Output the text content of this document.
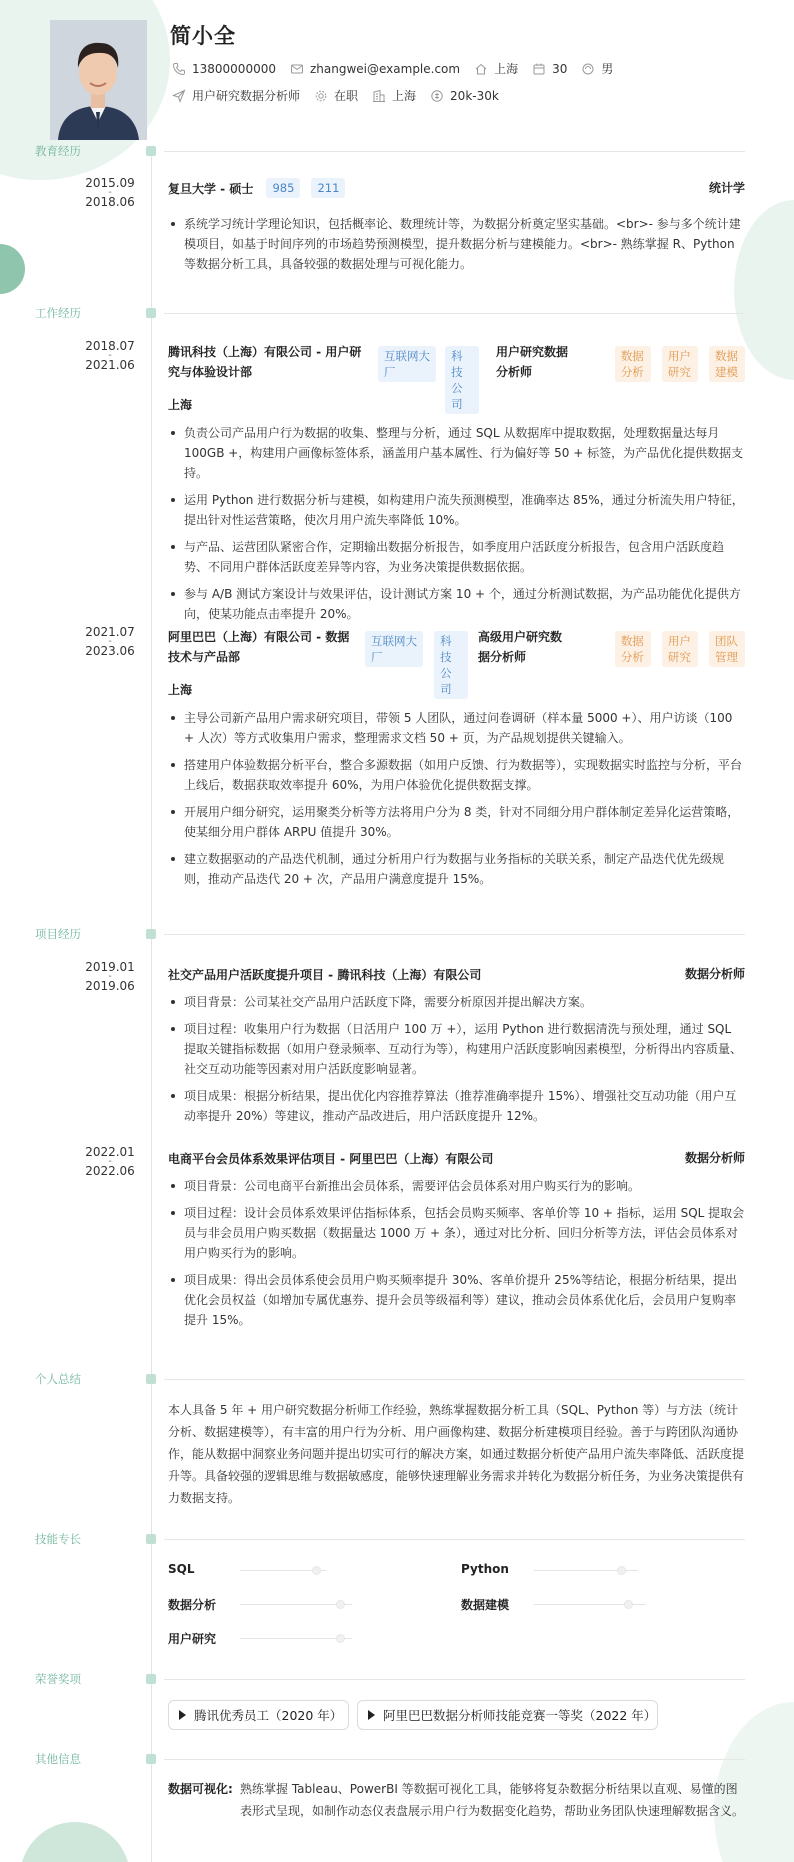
简小全
13800000000	zhangwei@example.com	上海	30	男
用户研究数据分析师	在职	上海	20k-30k
教育经历
2015.09
-
2018.06
复旦大学 - 硕士 985 211	统计学
系统学习统计学理论知识，包括概率论、数理统计等，为数据分析奠定坚实基础。<br>- 参与多个统计建模项目，如基于时间序列的市场趋势预测模型，提升数据分析与建模能力。<br>- 熟练掌握 R、Python 等数据分析工具，具备较强的数据处理与可视化能力。
工作经历
2018.07
-
2021.06
腾讯科技（上海）有限公司 - 用户研究与体验设计部
互联网大厂 科技公司
用户研究数据分析师
数据分析 用户研究 数据建模
上海
负责公司产品用户行为数据的收集、整理与分析，通过 SQL 从数据库中提取数据，处理数据量达每月 100GB +，构建用户画像标签体系，涵盖用户基本属性、行为偏好等 50 + 标签，为产品优化提供数据支持。
运用 Python 进行数据分析与建模，如构建用户流失预测模型，准确率达 85%，通过分析流失用户特征，提出针对性运营策略，使次月用户流失率降低 10%。
与产品、运营团队紧密合作，定期输出数据分析报告，如季度用户活跃度分析报告，包含用户活跃度趋势、不同用户群体活跃度差异等内容，为业务决策提供数据依据。
参与 A/B 测试方案设计与效果评估，设计测试方案 10 + 个，通过分析测试数据，为产品功能优化提供方向，使某功能点击率提升 20%。
2021.07
-
2023.06
阿里巴巴（上海）有限公司 - 数据技术与产品部
互联网大厂 科技公司
高级用户研究数据分析师
数据分析 用户研究 团队管理
上海
主导公司新产品用户需求研究项目，带领 5 人团队，通过问卷调研（样本量 5000 +）、用户访谈（100 + 人次）等方式收集用户需求，整理需求文档 50 + 页，为产品规划提供关键输入。
搭建用户体验数据分析平台，整合多源数据（如用户反馈、行为数据等），实现数据实时监控与分析，平台上线后，数据获取效率提升 60%，为用户体验优化提供数据支撑。
开展用户细分研究，运用聚类分析等方法将用户分为 8 类，针对不同细分用户群体制定差异化运营策略，使某细分用户群体 ARPU 值提升 30%。
建立数据驱动的产品迭代机制，通过分析用户行为数据与业务指标的关联关系，制定产品迭代优先级规则，推动产品迭代 20 + 次，产品用户满意度提升 15%。
项目经历
2019.01
-
2019.06
社交产品用户活跃度提升项目 - 腾讯科技（上海）有限公司	数据分析师
项目背景：公司某社交产品用户活跃度下降，需要分析原因并提出解决方案。
项目过程：收集用户行为数据（日活用户 100 万 +），运用 Python 进行数据清洗与预处理，通过 SQL 提取关键指标数据（如用户登录频率、互动行为等），构建用户活跃度影响因素模型，分析得出内容质量、社交互动功能等因素对用户活跃度影响显著。
项目成果：根据分析结果，提出优化内容推荐算法（推荐准确率提升 15%）、增强社交互动功能（用户互动率提升 20%）等建议，推动产品改进后，用户活跃度提升 12%。
2022.01
-
2022.06
电商平台会员体系效果评估项目 - 阿里巴巴（上海）有限公司	数据分析师
项目背景：公司电商平台新推出会员体系，需要评估会员体系对用户购买行为的影响。
项目过程：设计会员体系效果评估指标体系，包括会员购买频率、客单价等 10 + 指标，运用 SQL 提取会员与非会员用户购买数据（数据量达 1000 万 + 条），通过对比分析、回归分析等方法，评估会员体系对用户购买行为的影响。
项目成果：得出会员体系使会员用户购买频率提升 30%、客单价提升 25%等结论，根据分析结果，提出优化会员权益（如增加专属优惠券、提升会员等级福利等）建议，推动会员体系优化后，会员用户复购率提升 15%。
个人总结
本人具备 5 年 + 用户研究数据分析师工作经验，熟练掌握数据分析工具（SQL、Python 等）与方法（统计分析、数据建模等），有丰富的用户行为分析、用户画像构建、数据分析建模项目经验。善于与跨团队沟通协作，能从数据中洞察业务问题并提出切实可行的解决方案，如通过数据分析使产品用户流失率降低、活跃度提升等。具备较强的逻辑思维与数据敏感度，能够快速理解业务需求并转化为数据分析任务，为业务决策提供有力数据支持。
技能专长
SQL	Python
数据分析	数据建模
用户研究
荣誉奖项
腾讯优秀员工（2020 年）	阿里巴巴数据分析师技能竞赛一等奖（2022 年）
其他信息
数据可视化: 熟练掌握 Tableau、PowerBI 等数据可视化工具，能够将复杂数据分析结果以直观、易懂的图表形式呈现，如制作动态仪表盘展示用户行为数据变化趋势，帮助业务团队快速理解数据含义。
